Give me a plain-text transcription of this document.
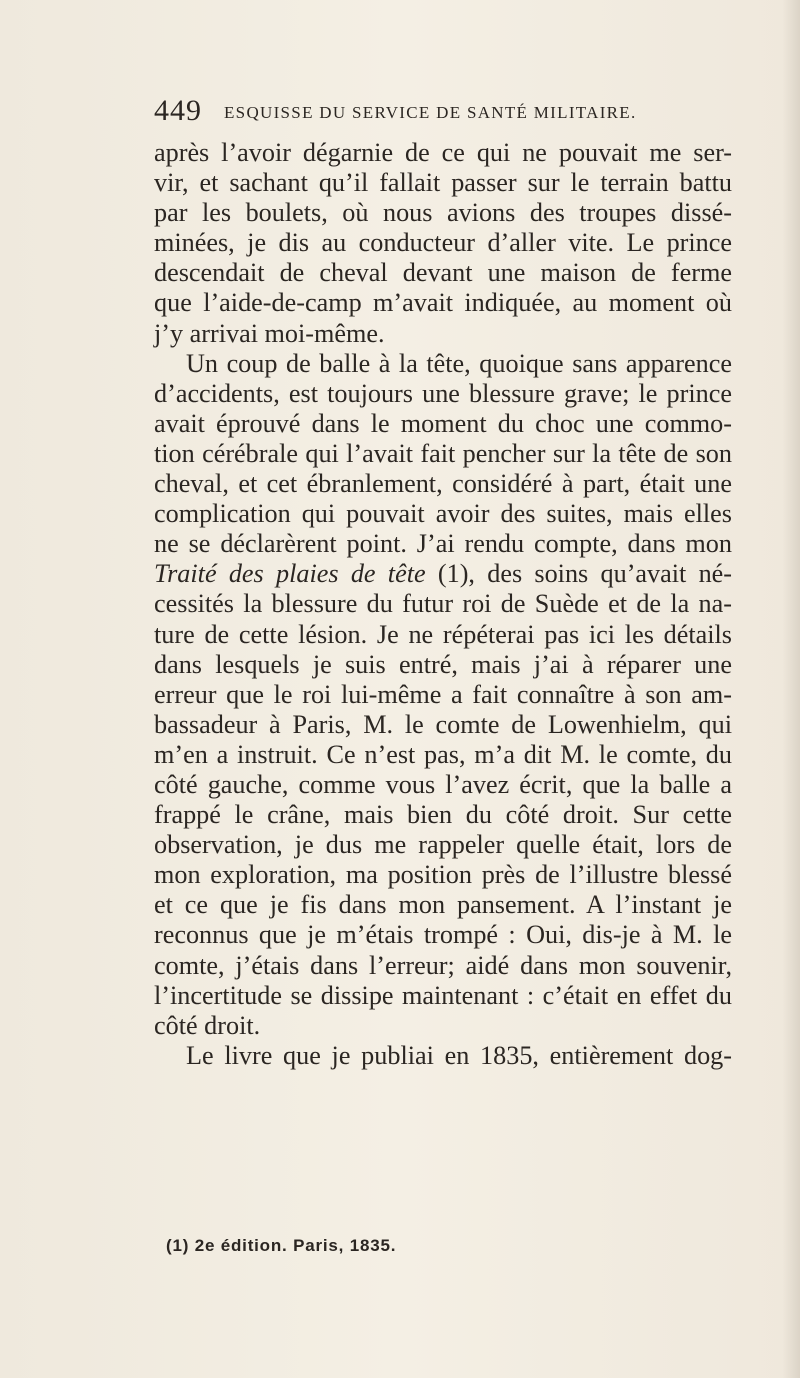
449 ESQUISSE DU SERVICE DE SANTÉ MILITAIRE.
après l’avoir dégarnie de ce qui ne pouvait me ser-
vir, et sachant qu’il fallait passer sur le terrain battu
par les boulets, où nous avions des troupes dissé-
minées, je dis au conducteur d’aller vite. Le prince
descendait de cheval devant une maison de ferme
que l’aide-de-camp m’avait indiquée, au moment où
j’y arrivai moi-même.
Un coup de balle à la tête, quoique sans apparence
d’accidents, est toujours une blessure grave; le prince
avait éprouvé dans le moment du choc une commo-
tion cérébrale qui l’avait fait pencher sur la tête de son
cheval, et cet ébranlement, considéré à part, était une
complication qui pouvait avoir des suites, mais elles
ne se déclarèrent point. J’ai rendu compte, dans mon
Traité des plaies de tête (1), des soins qu’avait né-
cessités la blessure du futur roi de Suède et de la na-
ture de cette lésion. Je ne répéterai pas ici les détails
dans lesquels je suis entré, mais j’ai à réparer une
erreur que le roi lui-même a fait connaître à son am-
bassadeur à Paris, M. le comte de Lowenhielm, qui
m’en a instruit. Ce n’est pas, m’a dit M. le comte, du
côté gauche, comme vous l’avez écrit, que la balle a
frappé le crâne, mais bien du côté droit. Sur cette
observation, je dus me rappeler quelle était, lors de
mon exploration, ma position près de l’illustre blessé
et ce que je fis dans mon pansement. A l’instant je
reconnus que je m’étais trompé : Oui, dis-je à M. le
comte, j’étais dans l’erreur; aidé dans mon souvenir,
l’incertitude se dissipe maintenant : c’était en effet du
côté droit.
Le livre que je publiai en 1835, entièrement dog-
(1) 2e édition. Paris, 1835.
